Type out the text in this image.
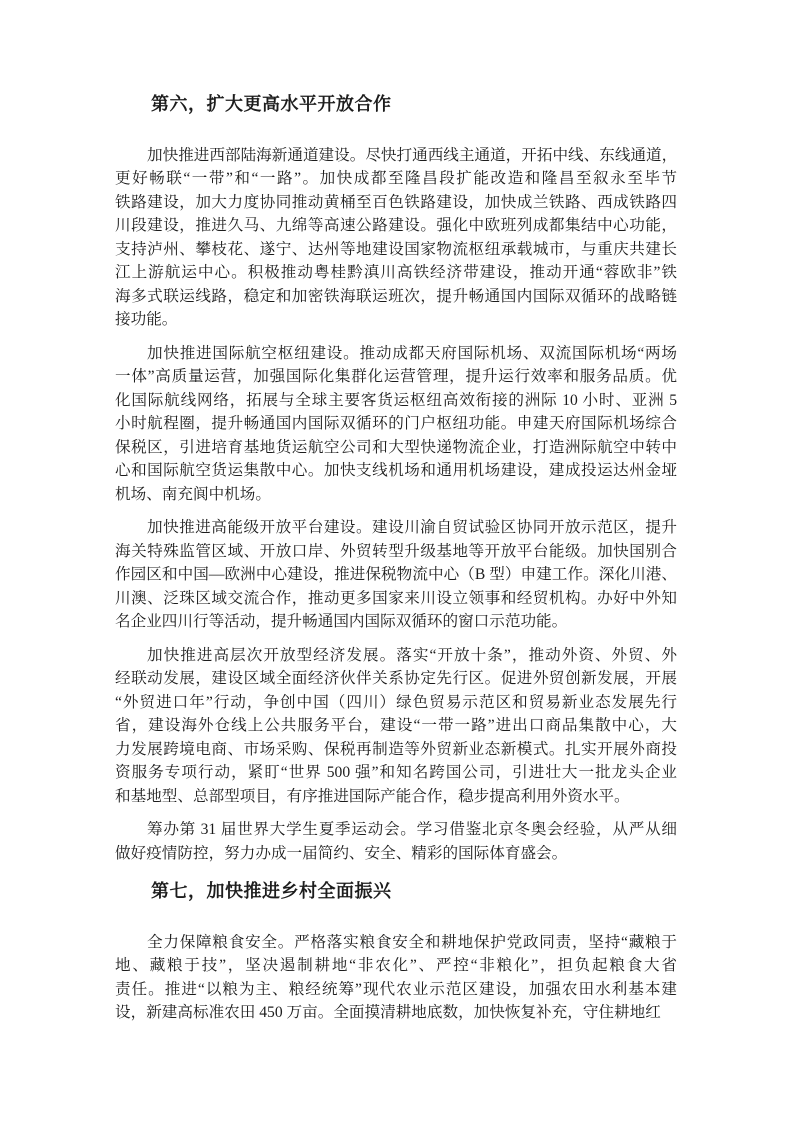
第六，扩大更高水平开放合作
加快推进西部陆海新通道建设。尽快打通西线主通道，开拓中线、东线通道，
更好畅联“一带”和“一路”。加快成都至隆昌段扩能改造和隆昌至叙永至毕节
铁路建设，加大力度协同推动黄桶至百色铁路建设，加快成兰铁路、西成铁路四
川段建设，推进久马、九绵等高速公路建设。强化中欧班列成都集结中心功能，
支持泸州、攀枝花、遂宁、达州等地建设国家物流枢纽承载城市，与重庆共建长
江上游航运中心。积极推动粤桂黔滇川高铁经济带建设，推动开通“蓉欧非”铁
海多式联运线路，稳定和加密铁海联运班次，提升畅通国内国际双循环的战略链
接功能。
加快推进国际航空枢纽建设。推动成都天府国际机场、双流国际机场“两场
一体”高质量运营，加强国际化集群化运营管理，提升运行效率和服务品质。优
化国际航线网络，拓展与全球主要客货运枢纽高效衔接的洲际 10 小时、亚洲 5
小时航程圈，提升畅通国内国际双循环的门户枢纽功能。申建天府国际机场综合
保税区，引进培育基地货运航空公司和大型快递物流企业，打造洲际航空中转中
心和国际航空货运集散中心。加快支线机场和通用机场建设，建成投运达州金垭
机场、南充阆中机场。
加快推进高能级开放平台建设。建设川渝自贸试验区协同开放示范区，提升
海关特殊监管区域、开放口岸、外贸转型升级基地等开放平台能级。加快国别合
作园区和中国—欧洲中心建设，推进保税物流中心（B 型）申建工作。深化川港、
川澳、泛珠区域交流合作，推动更多国家来川设立领事和经贸机构。办好中外知
名企业四川行等活动，提升畅通国内国际双循环的窗口示范功能。
加快推进高层次开放型经济发展。落实“开放十条”，推动外资、外贸、外
经联动发展，建设区域全面经济伙伴关系协定先行区。促进外贸创新发展，开展
“外贸进口年”行动，争创中国（四川）绿色贸易示范区和贸易新业态发展先行
省，建设海外仓线上公共服务平台，建设“一带一路”进出口商品集散中心，大
力发展跨境电商、市场采购、保税再制造等外贸新业态新模式。扎实开展外商投
资服务专项行动，紧盯“世界 500 强”和知名跨国公司，引进壮大一批龙头企业
和基地型、总部型项目，有序推进国际产能合作，稳步提高利用外资水平。
筹办第 31 届世界大学生夏季运动会。学习借鉴北京冬奥会经验，从严从细
做好疫情防控，努力办成一届简约、安全、精彩的国际体育盛会。
第七，加快推进乡村全面振兴
全力保障粮食安全。严格落实粮食安全和耕地保护党政同责，坚持“藏粮于
地、藏粮于技”，坚决遏制耕地“非农化”、严控“非粮化”，担负起粮食大省
责任。推进“以粮为主、粮经统筹”现代农业示范区建设，加强农田水利基本建
设，新建高标准农田 450 万亩。全面摸清耕地底数，加快恢复补充，守住耕地红
